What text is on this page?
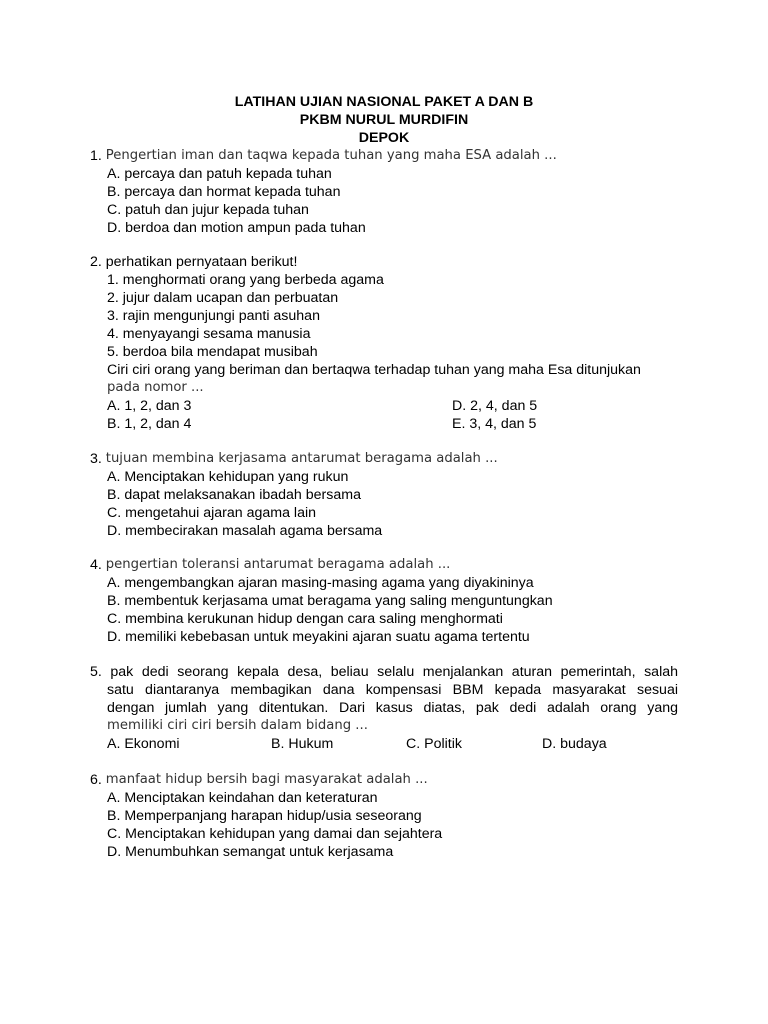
LATIHAN UJIAN NASIONAL PAKET A DAN B
PKBM NURUL MURDIFIN
DEPOK
1. Pengertian iman dan taqwa kepada tuhan yang maha ESA adalah ...
A. percaya dan patuh kepada tuhan
B. percaya dan hormat kepada tuhan
C. patuh dan jujur kepada tuhan
D. berdoa dan motion ampun pada tuhan
2. perhatikan pernyataan berikut!
1. menghormati orang yang berbeda agama
2. jujur dalam ucapan dan perbuatan
3. rajin mengunjungi panti asuhan
4. menyayangi sesama manusia
5. berdoa bila mendapat musibah
Ciri ciri orang yang beriman dan bertaqwa terhadap tuhan yang maha Esa ditunjukan
pada nomor ...
A. 1, 2, dan 3	D. 2, 4, dan 5
B. 1, 2, dan 4	E. 3, 4, dan 5
3. tujuan membina kerjasama antarumat beragama adalah ...
A. Menciptakan kehidupan yang rukun
B. dapat melaksanakan ibadah bersama
C. mengetahui ajaran agama lain
D. membecirakan masalah agama bersama
4. pengertian toleransi antarumat beragama adalah ...
A. mengembangkan ajaran masing-masing agama yang diyakininya
B. membentuk kerjasama umat beragama yang saling menguntungkan
C. membina kerukunan hidup dengan cara saling menghormati
D. memiliki kebebasan untuk meyakini ajaran suatu agama tertentu
5. pak dedi seorang kepala desa, beliau selalu menjalankan aturan pemerintah, salah
satu diantaranya membagikan dana kompensasi BBM kepada masyarakat sesuai
dengan jumlah yang ditentukan. Dari kasus diatas, pak dedi adalah orang yang
memiliki ciri ciri bersih dalam bidang ...
A. Ekonomi	B. Hukum	C. Politik	D. budaya
6. manfaat hidup bersih bagi masyarakat adalah ...
A. Menciptakan keindahan dan keteraturan
B. Memperpanjang harapan hidup/usia seseorang
C. Menciptakan kehidupan yang damai dan sejahtera
D. Menumbuhkan semangat untuk kerjasama
